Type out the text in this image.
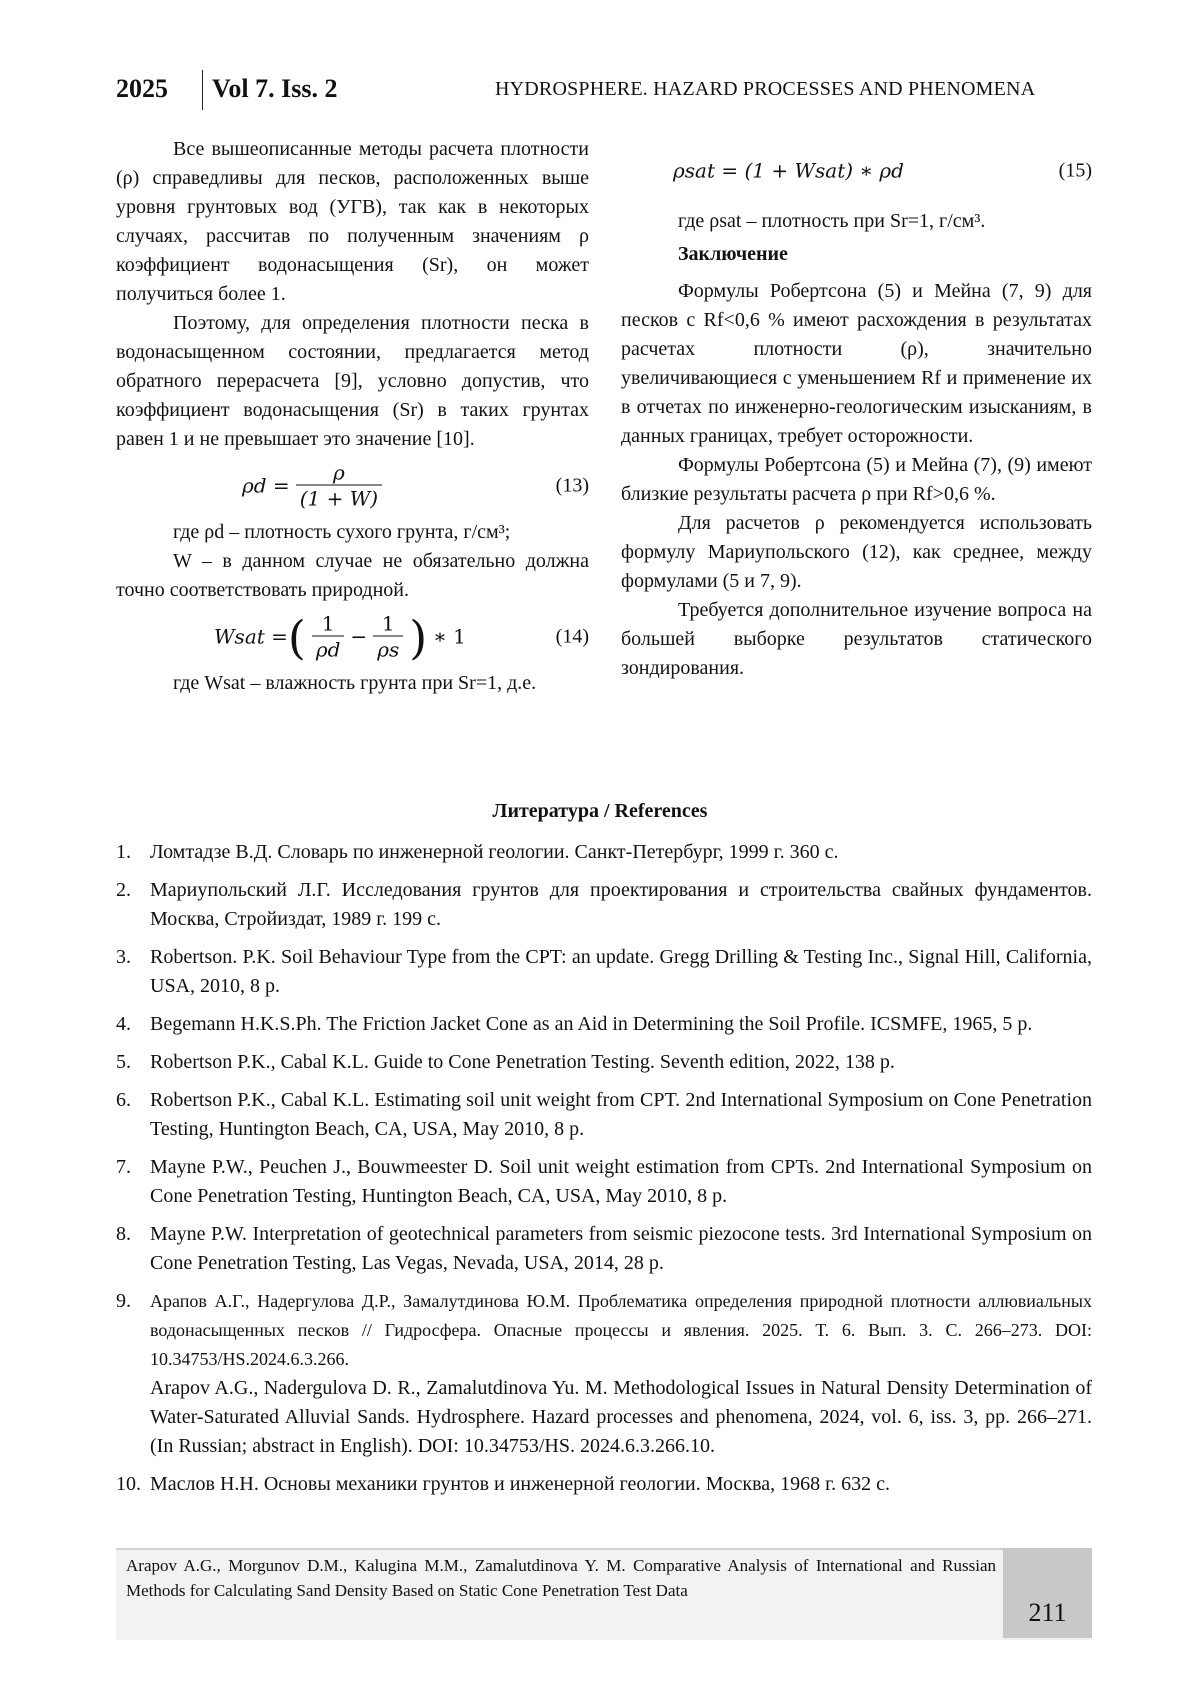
2025 Vol 7. Iss. 2	HYDROSPHERE. HAZARD PROCESSES AND PHENOMENA

Все вышеописанные методы расчета плотности (ρ) справедливы для песков, расположенных выше уровня грунтовых вод (УГВ), так как в некоторых случаях, рассчитав по полученным значениям ρ коэффициент водонасыщения (Sr), он может получиться более 1.

Поэтому, для определения плотности песка в водонасыщенном состоянии, предлагается метод обратного перерасчета [9], условно допустив, что коэффициент водонасыщения (Sr) в таких грунтах равен 1 и не превышает это значение [10].

$\rho d = \frac{\rho}{(1 + W)}$	(13)

где ρd – плотность сухого грунта, г/см³;

W – в данном случае не обязательно должна точно соответствовать природной.

Wsat = ( $\frac{1}{\rho d} - \frac{1}{\rho s}$ ) ∗ 1	(14)

где Wsat – влажность грунта при Sr=1, д.е.

ρsat = (1 + Wsat) ∗ ρd	(15)

где ρsat – плотность при Sr=1, г/см³.

Заключение

Формулы Робертсона (5) и Мейна (7, 9) для песков с Rf<0,6 % имеют расхождения в результатах расчетах плотности (ρ), значительно увеличивающиеся с уменьшением Rf и применение их в отчетах по инженерно-геологическим изысканиям, в данных границах, требует осторожности.

Формулы Робертсона (5) и Мейна (7), (9) имеют близкие результаты расчета ρ при Rf>0,6 %.

Для расчетов ρ рекомендуется использовать формулу Мариупольского (12), как среднее, между формулами (5 и 7, 9).

Требуется дополнительное изучение вопроса на большей выборке результатов статического зондирования.

Литература / References
1. Ломтадзе В.Д. Словарь по инженерной геологии. Санкт-Петербург, 1999 г. 360 с.
2. Мариупольский Л.Г. Исследования грунтов для проектирования и строительства свайных фундаментов. Москва, Стройиздат, 1989 г. 199 с.
3. Robertson. P.K. Soil Behaviour Type from the CPT: an update. Gregg Drilling & Testing Inc., Signal Hill, California, USA, 2010, 8 p.
4. Begemann H.K.S.Ph. The Friction Jacket Cone as an Aid in Determining the Soil Profile. ICSMFE, 1965, 5 p.
5. Robertson P.K., Cabal K.L. Guide to Cone Penetration Testing. Seventh edition, 2022, 138 p.
6. Robertson P.K., Cabal K.L. Estimating soil unit weight from CPT. 2nd International Symposium on Cone Penetration Testing, Huntington Beach, CA, USA, May 2010, 8 p.
7. Mayne P.W., Peuchen J., Bouwmeester D. Soil unit weight estimation from CPTs. 2nd International Symposium on Cone Penetration Testing, Huntington Beach, CA, USA, May 2010, 8 p.
8. Mayne P.W. Interpretation of geotechnical parameters from seismic piezocone tests. 3rd International Symposium on Cone Penetration Testing, Las Vegas, Nevada, USA, 2014, 28 p.
9. Арапов А.Г., Надергулова Д.Р., Замалутдинова Ю.М. Проблематика определения природной плотности аллювиальных водонасыщенных песков // Гидросфера. Опасные процессы и явления. 2025. Т. 6. Вып. 3. С. 266–273. DOI: 10.34753/HS.2024.6.3.266.
Arapov A.G., Nadergulova D. R., Zamalutdinova Yu. M. Methodological Issues in Natural Density Determination of Water-Saturated Alluvial Sands. Hydrosphere. Hazard processes and phenomena, 2024, vol. 6, iss. 3, pp. 266–271. (In Russian; abstract in English). DOI: 10.34753/HS. 2024.6.3.266.10.
10. Маслов Н.Н. Основы механики грунтов и инженерной геологии. Москва, 1968 г. 632 с.
Arapov A.G., Morgunov D.M., Kalugina M.M., Zamalutdinova Y. M. Comparative Analysis of International and Russian Methods for Calculating Sand Density Based on Static Cone Penetration Test Data
211
